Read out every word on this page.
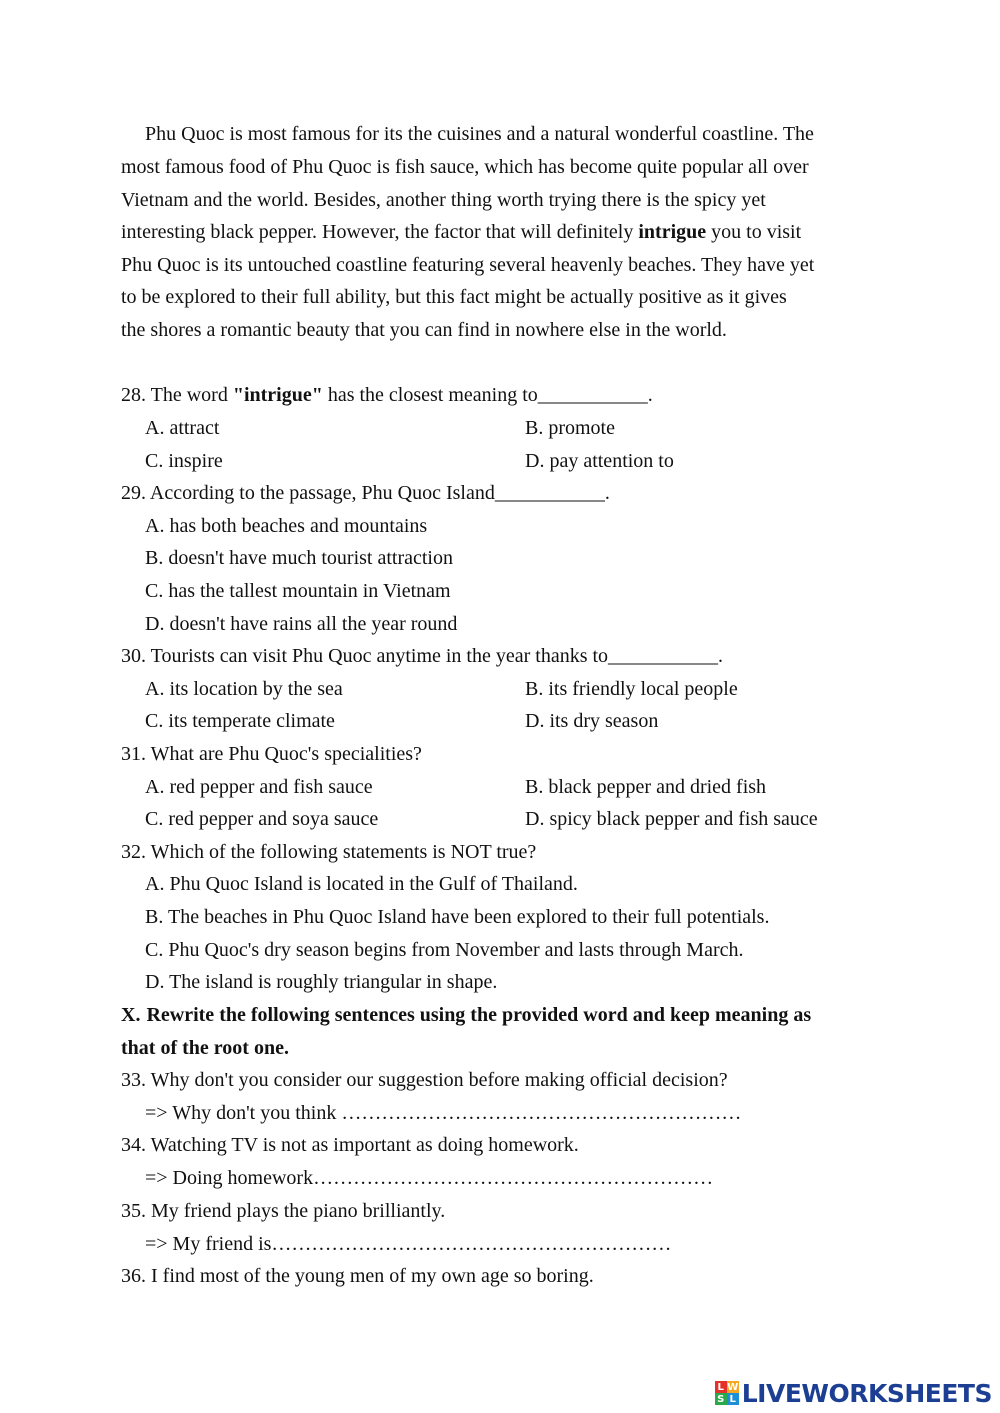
Phu Quoc is most famous for its the cuisines and a natural wonderful coastline. The
most famous food of Phu Quoc is fish sauce, which has become quite popular all over
Vietnam and the world. Besides, another thing worth trying there is the spicy yet
interesting black pepper. However, the factor that will definitely intrigue you to visit
Phu Quoc is its untouched coastline featuring several heavenly beaches. They have yet
to be explored to their full ability, but this fact might be actually positive as it gives
the shores a romantic beauty that you can find in nowhere else in the world.
28. The word "intrigue" has the closest meaning to___________.
A. attract	B. promote
C. inspire	D. pay attention to
29. According to the passage, Phu Quoc Island___________.
A. has both beaches and mountains
B. doesn't have much tourist attraction
C. has the tallest mountain in Vietnam
D. doesn't have rains all the year round
30. Tourists can visit Phu Quoc anytime in the year thanks to___________.
A. its location by the sea	B. its friendly local people
C. its temperate climate	D. its dry season
31. What are Phu Quoc's specialities?
A. red pepper and fish sauce	B. black pepper and dried fish
C. red pepper and soya sauce	D. spicy black pepper and fish sauce
32. Which of the following statements is NOT true?
A. Phu Quoc Island is located in the Gulf of Thailand.
B. The beaches in Phu Quoc Island have been explored to their full potentials.
C. Phu Quoc's dry season begins from November and lasts through March.
D. The island is roughly triangular in shape.
X. Rewrite the following sentences using the provided word and keep meaning as
that of the root one.
33. Why don't you consider our suggestion before making official decision?
=> Why don't you think ……………………………………………………
34. Watching TV is not as important as doing homework.
=> Doing homework……………………………………………………
35. My friend plays the piano brilliantly.
=> My friend is……………………………………………………
36. I find most of the young men of my own age so boring.
L W
S L LIVEWORKSHEETS
